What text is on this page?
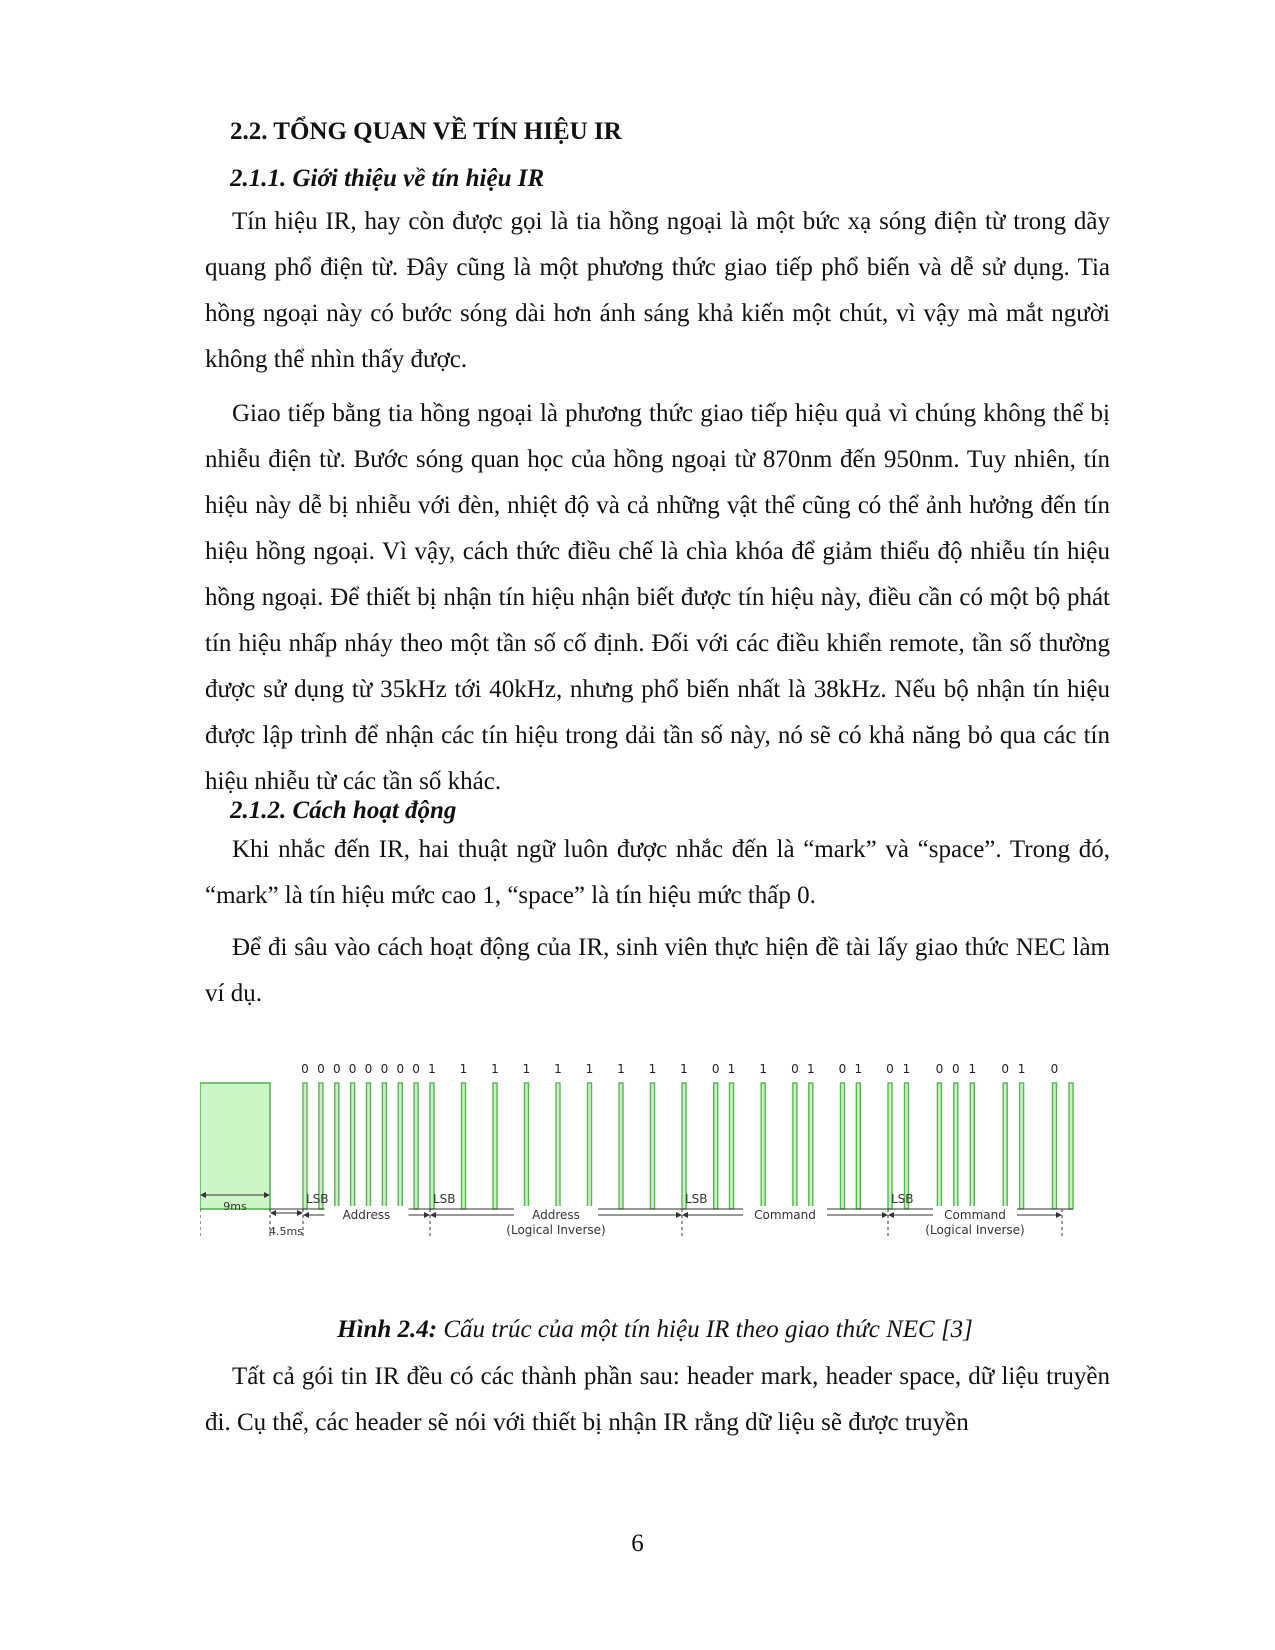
2.2. TỔNG QUAN VỀ TÍN HIỆU IR
2.1.1. Giới thiệu về tín hiệu IR

Tín hiệu IR, hay còn được gọi là tia hồng ngoại là một bức xạ sóng điện từ trong dãy quang phổ điện từ. Đây cũng là một phương thức giao tiếp phổ biến và dễ sử dụng. Tia hồng ngoại này có bước sóng dài hơn ánh sáng khả kiến một chút, vì vậy mà mắt người không thể nhìn thấy được.

Giao tiếp bằng tia hồng ngoại là phương thức giao tiếp hiệu quả vì chúng không thể bị nhiễu điện từ. Bước sóng quan học của hồng ngoại từ 870nm đến 950nm. Tuy nhiên, tín hiệu này dễ bị nhiễu với đèn, nhiệt độ và cả những vật thể cũng có thể ảnh hưởng đến tín hiệu hồng ngoại. Vì vậy, cách thức điều chế là chìa khóa để giảm thiểu độ nhiễu tín hiệu hồng ngoại. Để thiết bị nhận tín hiệu nhận biết được tín hiệu này, điều cần có một bộ phát tín hiệu nhấp nháy theo một tần số cố định. Đối với các điều khiển remote, tần số thường được sử dụng từ 35kHz tới 40kHz, nhưng phổ biến nhất là 38kHz. Nếu bộ nhận tín hiệu được lập trình để nhận các tín hiệu trong dải tần số này, nó sẽ có khả năng bỏ qua các tín hiệu nhiễu từ các tần số khác.

2.1.2. Cách hoạt động

Khi nhắc đến IR, hai thuật ngữ luôn được nhắc đến là “mark” và “space”. Trong đó, “mark” là tín hiệu mức cao 1, “space” là tín hiệu mức thấp 0.

Để đi sâu vào cách hoạt động của IR, sinh viên thực hiện đề tài lấy giao thức NEC làm ví dụ.

0 0 0 0 0 0 0 0 1 1 1 1 1 1 1 1 1 0 1 1 0 1 0 1 0 1 0 0 1 0 1 0
9ms
4.5ms
Address
LSB
Address
(Logical Inverse)
LSB
Command
LSB
Command
(Logical Inverse)
LSB
Hình 2.4: Cấu trúc của một tín hiệu IR theo giao thức NEC [3]

Tất cả gói tin IR đều có các thành phần sau: header mark, header space, dữ liệu truyền đi. Cụ thể, các header sẽ nói với thiết bị nhận IR rằng dữ liệu sẽ được truyền

6
